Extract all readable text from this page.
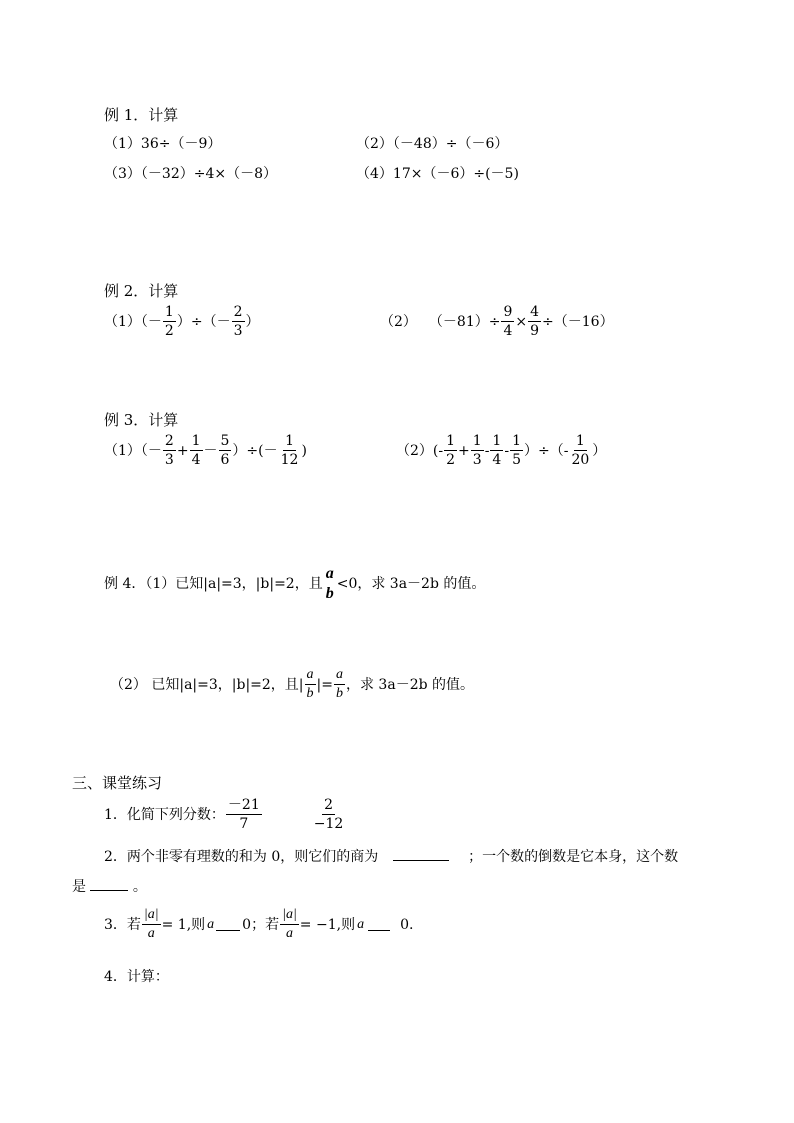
例 1．计算
（1）36÷（－9）	（2）（－48）÷（－6）
（3）（－32）÷4×（－8）	（4）17×（－6）÷(－5)
例 2．计算
$(1)(- \frac{1}{2}$ ）÷（－ $\frac{2}{3}$ ）	（2） $(-81)\div \frac{9}{4} \times \frac{4}{9} \div(-16)$
例 3．计算
$(1)(- \frac{2}{3} + \frac{1}{4} - \frac{5}{6}$ ）÷(－ $\frac{1}{12}$ )	$(2)(- \frac{1}{2} + \frac{1}{3} - \frac{1}{4} - \frac{1}{5}$ ）÷（- $\frac{1}{20}$ ）
例 4．（1）已知|a|=3，|b|=2，且
a
b
<0，求 3a－2b 的值。
（2） 已知|a|=3，|b|=2，且| $\frac{a}{b}$ |= $\frac{a}{b}$ ，求 3a－2b 的值。
三、课堂练习
1．化简下列分数： $\frac{-21}{7}$	$\frac{2}{-12}$
2．两个非零有理数的和为 0，则它们的商为	；一个数的倒数是它本身，这个数
是	。
3．若 $\frac{|a|}{a} = 1$,则 a 0；若 $\frac{|a|}{a} = -1$,则 a	0.
4．计算：
